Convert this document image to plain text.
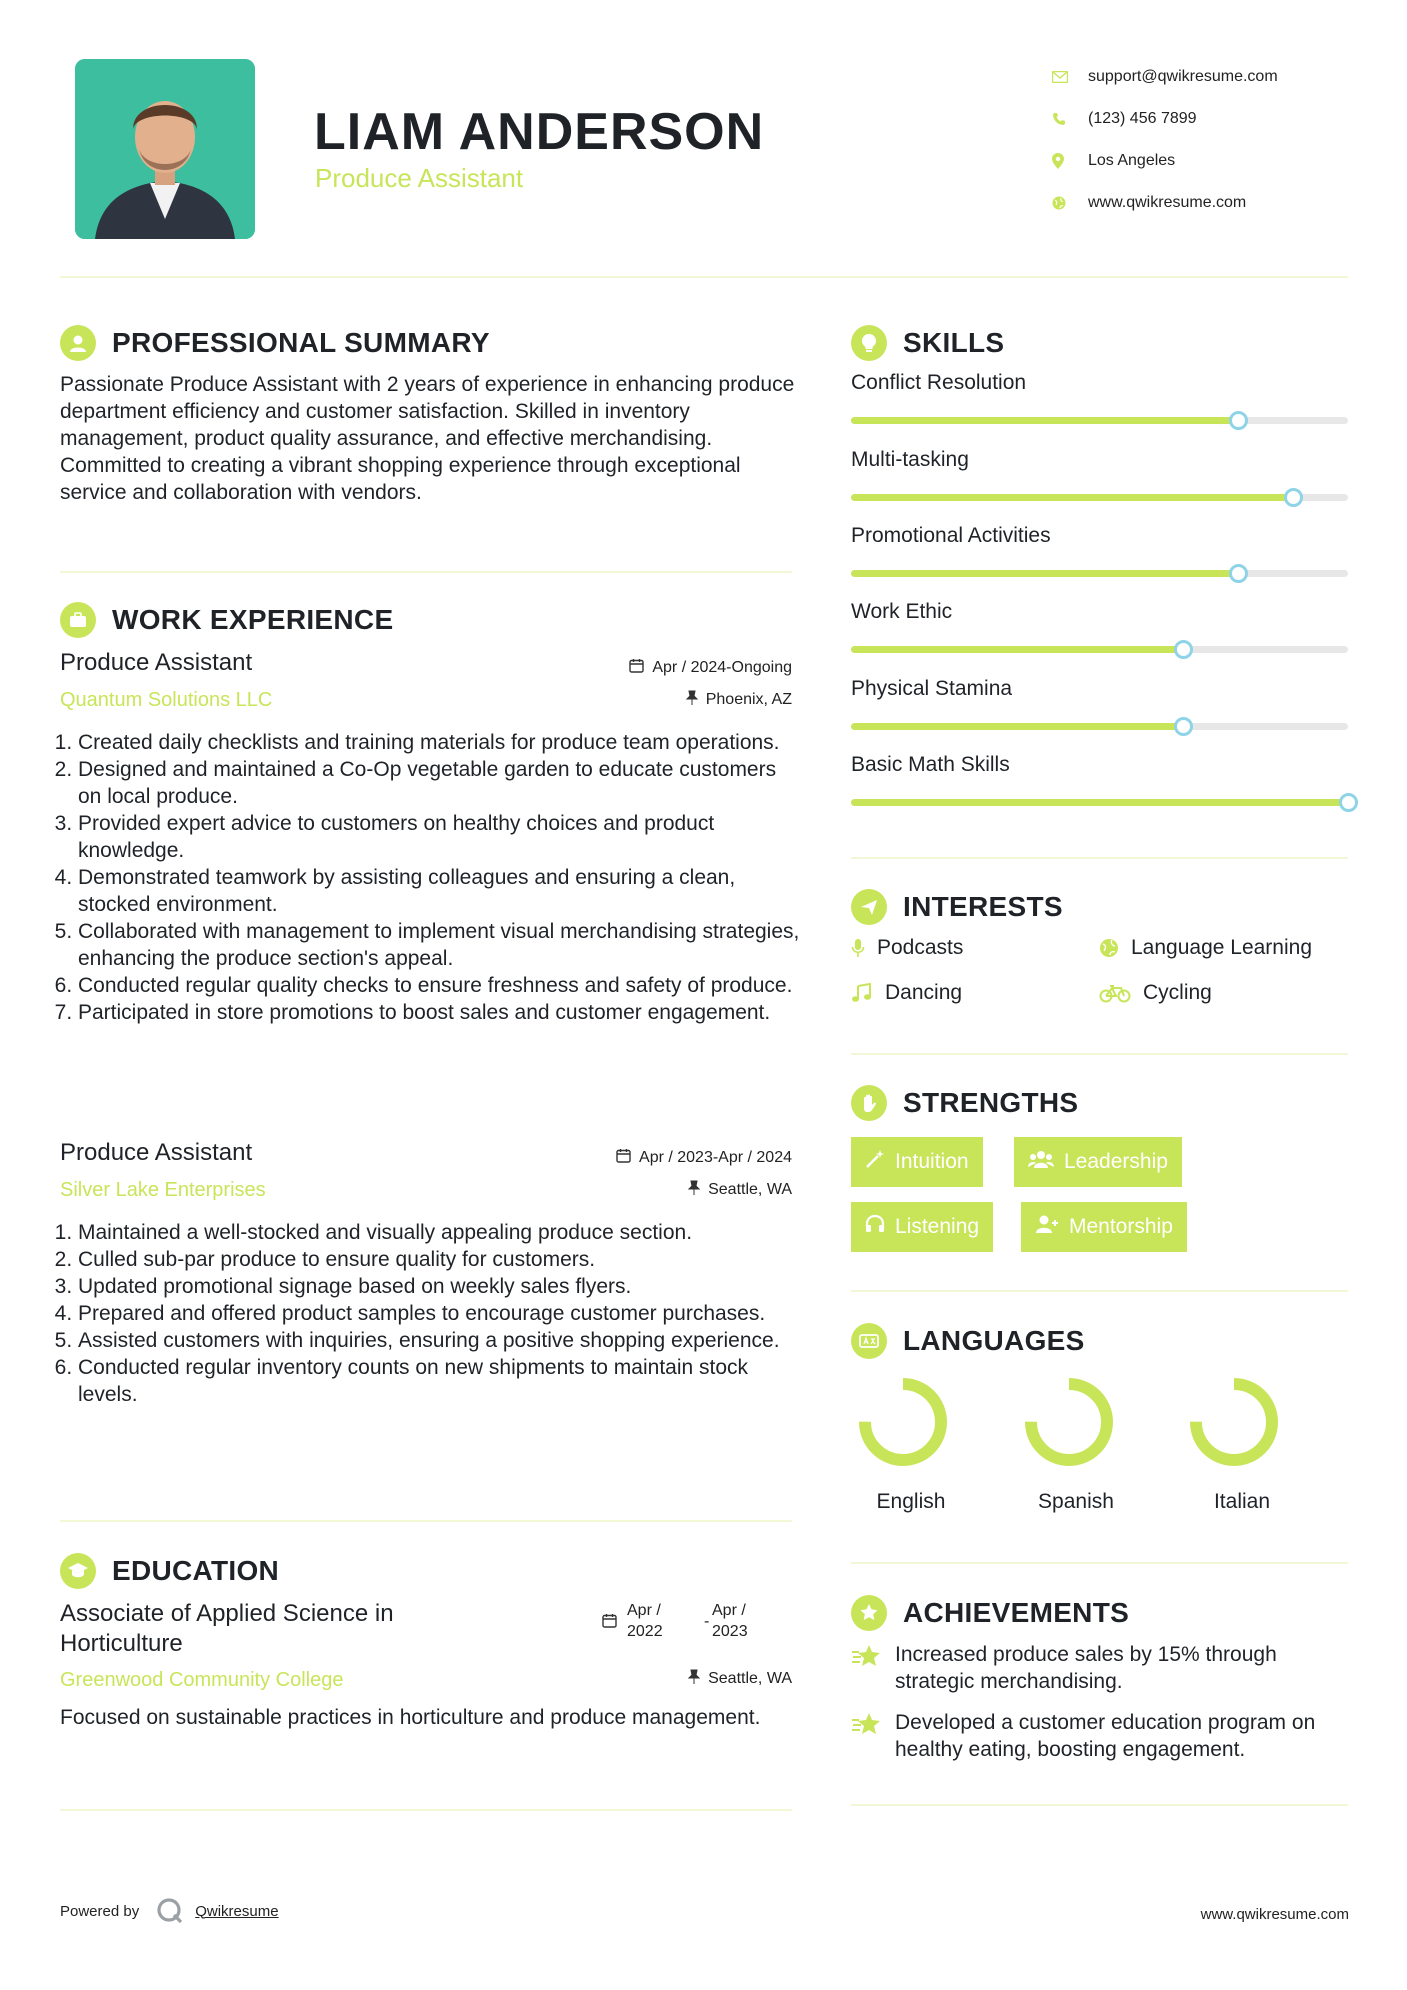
LIAM ANDERSON
Produce Assistant
support@qwikresume.com
(123) 456 7899
Los Angeles
www.qwikresume.com
PROFESSIONAL SUMMARY
Passionate Produce Assistant with 2 years of experience in enhancing produce department efficiency and customer satisfaction. Skilled in inventory management, product quality assurance, and effective merchandising. Committed to creating a vibrant shopping experience through exceptional service and collaboration with vendors.
WORK EXPERIENCE
Produce Assistant	Apr / 2024-Ongoing
Quantum Solutions LLC	Phoenix, AZ
1. Created daily checklists and training materials for produce team operations.
2. Designed and maintained a Co-Op vegetable garden to educate customers on local produce.
3. Provided expert advice to customers on healthy choices and product knowledge.
4. Demonstrated teamwork by assisting colleagues and ensuring a clean, stocked environment.
5. Collaborated with management to implement visual merchandising strategies, enhancing the produce section's appeal.
6. Conducted regular quality checks to ensure freshness and safety of produce.
7. Participated in store promotions to boost sales and customer engagement.
Produce Assistant	Apr / 2023-Apr / 2024
Silver Lake Enterprises	Seattle, WA
1. Maintained a well-stocked and visually appealing produce section.
2. Culled sub-par produce to ensure quality for customers.
3. Updated promotional signage based on weekly sales flyers.
4. Prepared and offered product samples to encourage customer purchases.
5. Assisted customers with inquiries, ensuring a positive shopping experience.
6. Conducted regular inventory counts on new shipments to maintain stock levels.
EDUCATION
Associate of Applied Science in Horticulture
Apr / 2022
-
Apr / 2023
Greenwood Community College	Seattle, WA
Focused on sustainable practices in horticulture and produce management.
SKILLS
Conflict Resolution
Multi-tasking
Promotional Activities
Work Ethic
Physical Stamina
Basic Math Skills
INTERESTS
Podcasts	Language Learning
Dancing	Cycling
STRENGTHS
Intuition	Leadership
Listening	Mentorship
LANGUAGES
English	Spanish	Italian
ACHIEVEMENTS
Increased produce sales by 15% through strategic merchandising.
Developed a customer education program on healthy eating, boosting engagement.
Powered by	Qwikresume	www.qwikresume.com
